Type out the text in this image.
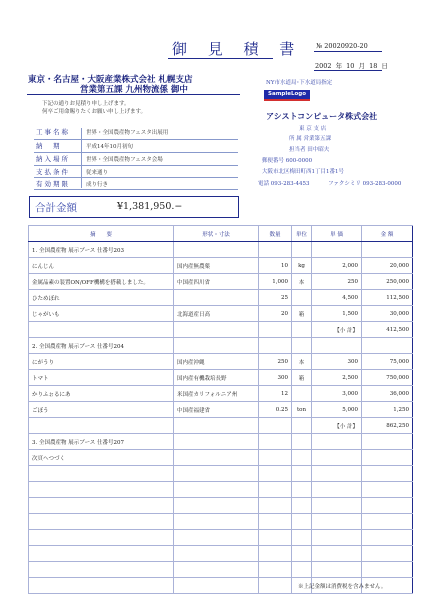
御 見 積 書 № 20020920-20
2002 年 10 月 18 日
東京・名古屋・大阪産業株式会社 札幌支店
営業第五課 九州物流係 御中
下記の通りお見積り申し上げます。
何卒ご用命賜りたくお願い申し上げます。
工事名称	世界・全国農産物フェスタ出展用
納　期	平成14年10月初旬
納入場所	世界・全国農産物フェスタ会場
支払条件	従来通り
有効期限	成り行き
NY市水道局･下水道局指定
SampleLogo
アシストコンピュータ株式会社
東 京 支 店
所 属 営業第五課
担当者 田中昭夫
郵便番号 600-0000
大阪市北区梅田町西1丁目1番1号
電話 093-283-4453	ファクシミリ 093-283-0000
合計金額	¥1,381,950.−
摘　　要	形状・寸法	数量	単位	単 価	金 額
1. 全国農産物 展示ブース 仕番号203					
にんじん	国内産無農薬	10	kg	2,000	20,000
金属品素の装置ON/OFF機構を搭載しました。	中国産四川省	1,000	本	250	250,000
ひためぼれ		25		4,500	112,500
じゃがいも	北海道産日高	20	箱	1,500	30,000
				【小 計】	412,500
2. 全国農産物 展示ブース 仕番号204					
にがうり	国内産沖縄	250	本	300	75,000
トマト	国内産有機栽培長野	300	箱	2,500	750,000
かりふぉるにあ	米国産カリフォルニア州	12		3,000	36,000
ごぼう	中国産福建省	0.25	ton	5,000	1,250
				【小 計】	862,250
3. 全国農産物 展示ブース 仕番号207					
次頁へつづく					

※上記金額は消費税を含みません。
